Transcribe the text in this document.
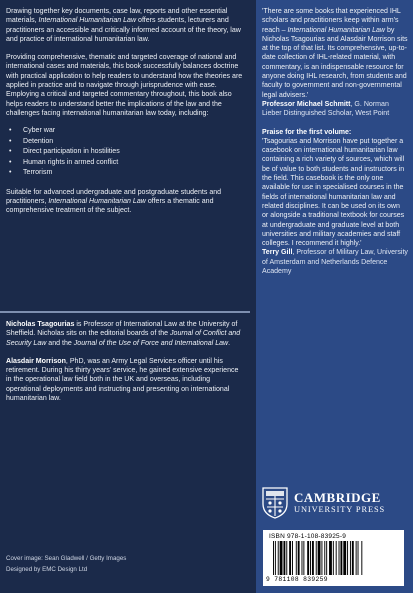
Drawing together key documents, case law, reports and other essential materials, International Humanitarian Law offers students, lecturers and practitioners an accessible and critically informed account of the theory, law and practice of international humanitarian law.

Providing comprehensive, thematic and targeted coverage of national and international cases and materials, this book successfully balances doctrine with practical application to help readers to understand how the theories are applied in practice and to navigate through jurisprudence with ease. Employing a critical and targeted commentary throughout, this book also helps readers to understand better the implications of the law and the challenges facing international humanitarian law today, including:

• Cyber war
• Detention
• Direct participation in hostilities
• Human rights in armed conflict
• Terrorism

Suitable for advanced undergraduate and postgraduate students and practitioners, International Humanitarian Law offers a thematic and comprehensive treatment of the subject.

Nicholas Tsagourias is Professor of International Law at the University of Sheffield. Nicholas sits on the editorial boards of the Journal of Conflict and Security Law and the Journal of the Use of Force and International Law.

Alasdair Morrison, PhD, was an Army Legal Services officer until his retirement. During his thirty years' service, he gained extensive experience in the operational law field both in the UK and overseas, including operational deployments and instructing and presenting on international humanitarian law.

Cover image: Sean Gladwell / Getty Images
Designed by EMC Design Ltd

'There are some books that experienced IHL scholars and practitioners keep within arm's reach – International Humanitarian Law by Nicholas Tsagourias and Alasdair Morrison sits at the top of that list. Its comprehensive, up-to-date collection of IHL-related material, with commentary, is an indispensable resource for anyone doing IHL research, from students and faculty to government and non-governmental legal advisers.'

Professor Michael Schmitt, G. Norman Lieber Distinguished Scholar, West Point

Praise for the first volume:

'Tsagourias and Morrison have put together a casebook on international humanitarian law containing a rich variety of sources, which will be of value to both students and instructors in the field. This casebook is the only one available for use in specialised courses in the fields of international humanitarian law and related disciplines. It can be used on its own or alongside a traditional textbook for courses at undergraduate and graduate level at both universities and military academies and staff colleges. I recommend it highly.'

Terry Gill, Professor of Military Law, University of Amsterdam and Netherlands Defence Academy

CAMBRIDGE
UNIVERSITY PRESS
ISBN 978-1-108-83925-9
9 781108 839259
